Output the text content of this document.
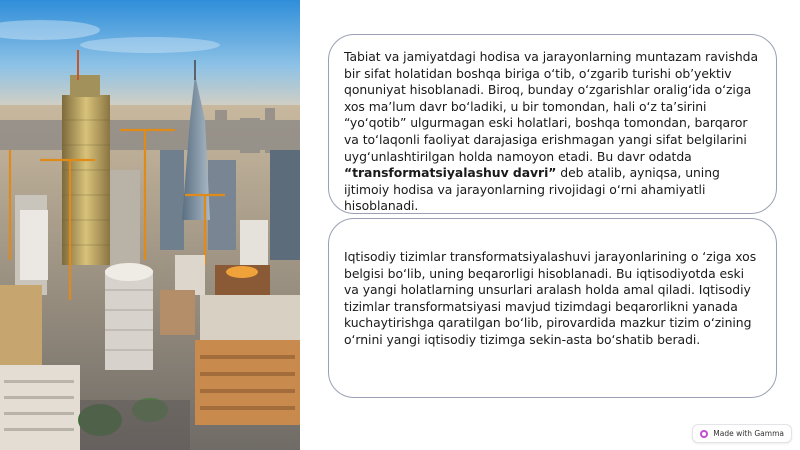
Tabiat va jamiyatdagi hodisa va jarayonlarning muntazam ravishda bir sifat holatidan boshqa biriga o‘tib, o‘zgarib turishi ob’yektiv qonuniyat hisoblanadi. Biroq, bunday o‘zgarishlar oralig‘ida o‘ziga xos ma’lum davr bo‘ladiki, u bir tomondan, hali o‘z ta’sirini “yo‘qotib” ulgurmagan eski holatlari, boshqa tomondan, barqaror va to‘laqonli faoliyat darajasiga erishmagan yangi sifat belgilarini uyg‘unlashtirilgan holda namoyon etadi. Bu davr odatda “transformatsiyalashuv davri” deb atalib, ayniqsa, uning ijtimoiy hodisa va jarayonlarning rivojidagi o‘rni ahamiyatli hisoblanadi.

Iqtisodiy tizimlar transformatsiyalashuvi jarayonlarining o ‘ziga xos belgisi bo‘lib, uning beqarorligi hisoblanadi. Bu iqtisodiyotda eski va yangi holatlarning unsurlari aralash holda amal qiladi. Iqtisodiy tizimlar transformatsiyasi mavjud tizimdagi beqarorlikni yanada kuchaytirishga qaratilgan bo‘lib, pirovardida mazkur tizim o‘zining o‘rnini yangi iqtisodiy tizimga sekin-asta bo‘shatib beradi.

Made with Gamma
